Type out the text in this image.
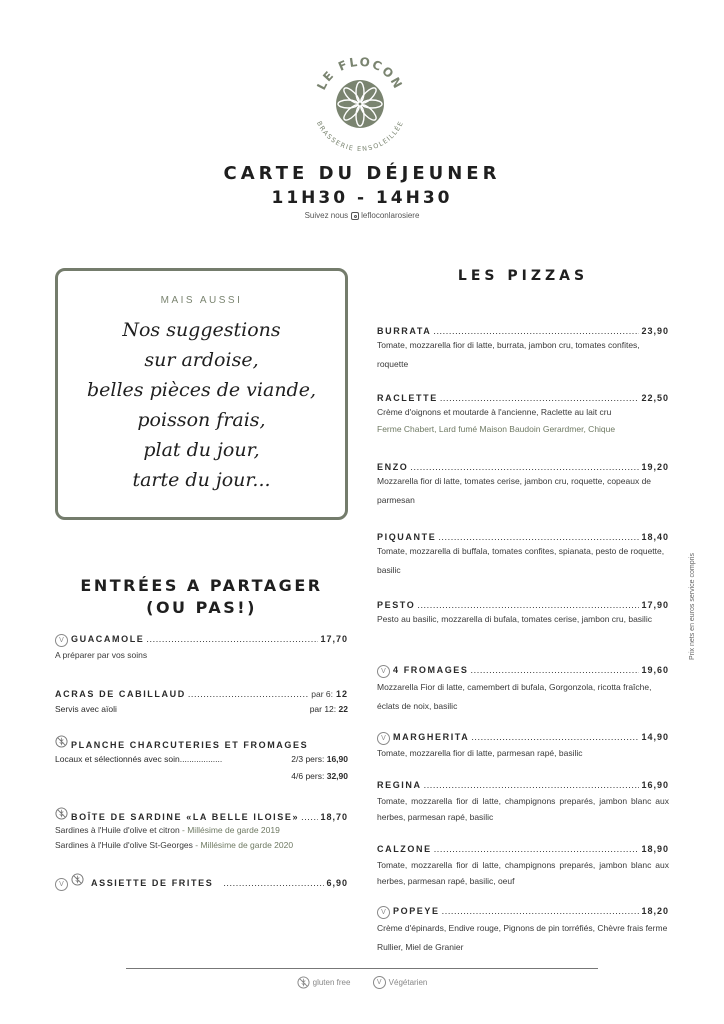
LE FLOCON
BRASSERIE ENSOLEILLÉE
CARTE DU DÉJEUNER
11H30 - 14H30
Suivez nous lefloconlarosiere
MAIS AUSSI
Nos suggestions
sur ardoise,
belles pièces de viande,
poisson frais,
plat du jour,
tarte du jour...
ENTRÉES A PARTAGER
(OU PAS!)
V GUACAMOLE .....	17,70
A préparer par vos soins
ACRAS DE CABILLAUD .....	par 6: 12
Servis avec aïoli	par 12: 22
PLANCHE CHARCUTERIES ET FROMAGES
Locaux et sélectionnés avec soin..................	2/3 pers: 16,90
4/6 pers: 32,90
BOÎTE DE SARDINE «LA BELLE ILOISE» ..... 18,70
Sardines à l'Huile d'olive et citron - Millésime de garde 2019
Sardines à l'Huile d'olive St-Georges - Millésime de garde 2020
V	ASSIETTE DE FRITES .....	6,90
LES PIZZAS
BURRATA .....	23,90
Tomate, mozzarella fior di latte, burrata, jambon cru, tomates confites, roquette
RACLETTE .....	22,50
Crème d'oignons et moutarde à l'ancienne, Raclette au lait cru
Ferme Chabert, Lard fumé Maison Baudoin Gerardmer, Chique
ENZO .....	19,20
Mozzarella fior di latte, tomates cerise, jambon cru, roquette, copeaux de parmesan
PIQUANTE .....	18,40
Tomate, mozzarella di buffala, tomates confites, spianata, pesto de roquette, basilic
PESTO .....	17,90
Pesto au basilic, mozzarella di bufala, tomates cerise, jambon cru, basilic
V 4 FROMAGES .....	19,60
Mozzarella Fior di latte, camembert di bufala, Gorgonzola, ricotta fraîche, éclats de noix, basilic
V MARGHERITA .....	14,90
Tomate, mozzarella fior di latte, parmesan rapé, basilic
REGINA .....	16,90
Tomate, mozzarella fior di latte, champignons preparés, jambon blanc aux herbes, parmesan rapé, basilic
CALZONE .....	18,90
Tomate, mozzarella fior di latte, champignons preparés, jambon blanc aux herbes, parmesan rapé, basilic, oeuf
V POPEYE .....	18,20
Crème d'épinards, Endive rouge, Pignons de pin torréfiés, Chèvre frais ferme Rullier, Miel de Granier
Prix nets en euros service compris
gluten free	V Végétarien
